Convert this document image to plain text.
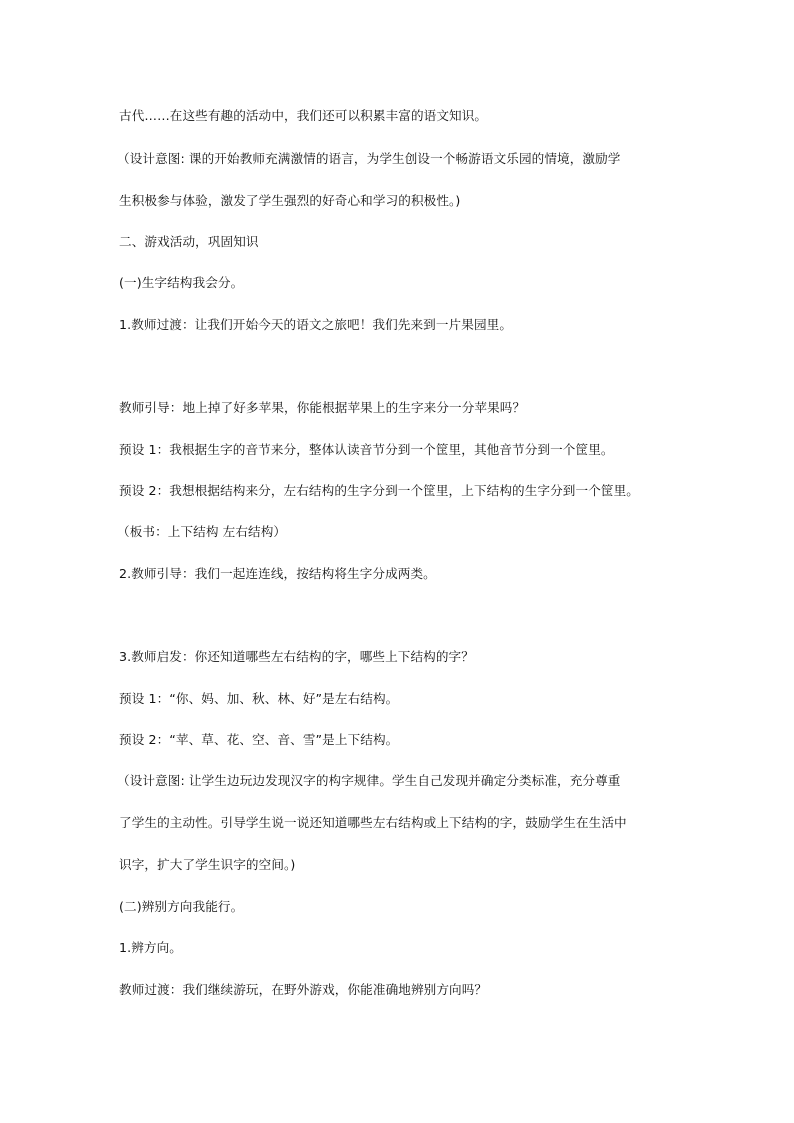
古代……在这些有趣的活动中，我们还可以积累丰富的语文知识。
（设计意图: 课的开始教师充满激情的语言，为学生创设一个畅游语文乐园的情境，激励学
生积极参与体验，激发了学生强烈的好奇心和学习的积极性。)
二、游戏活动，巩固知识
(一)生字结构我会分。
1.教师过渡：让我们开始今天的语文之旅吧！我们先来到一片果园里。
教师引导：地上掉了好多苹果，你能根据苹果上的生字来分一分苹果吗？
预设 1：我根据生字的音节来分，整体认读音节分到一个筐里，其他音节分到一个筐里。
预设 2：我想根据结构来分，左右结构的生字分到一个筐里，上下结构的生字分到一个筐里。
（板书：上下结构 左右结构）
2.教师引导：我们一起连连线，按结构将生字分成两类。
3.教师启发：你还知道哪些左右结构的字，哪些上下结构的字？
预设 1：“你、妈、加、秋、林、好”是左右结构。
预设 2：“苹、草、花、空、音、雪”是上下结构。
（设计意图: 让学生边玩边发现汉字的构字规律。学生自己发现并确定分类标准，充分尊重
了学生的主动性。引导学生说一说还知道哪些左右结构或上下结构的字，鼓励学生在生活中
识字，扩大了学生识字的空间。)
(二)辨别方向我能行。
1.辨方向。
教师过渡：我们继续游玩，在野外游戏，你能准确地辨别方向吗？
